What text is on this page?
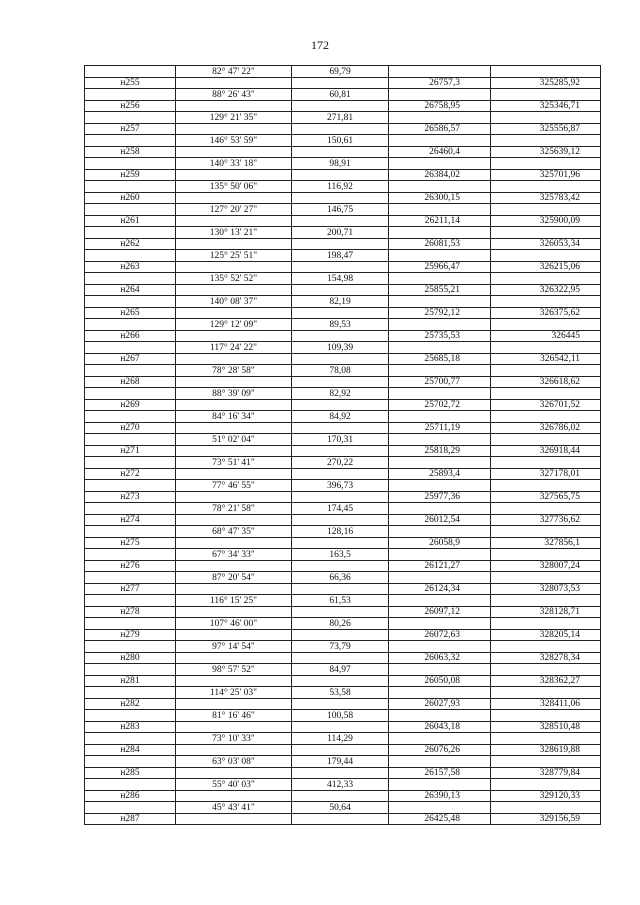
172
	82° 47' 22"	69,79		
н255			26757,3	325285,92
	88° 26' 43"	60,81		
н256			26758,95	325346,71
	129° 21' 35"	271,81		
н257			26586,57	325556,87
	146° 53' 59"	150,61		
н258			26460,4	325639,12
	140° 33' 18"	98,91		
н259			26384,02	325701,96
	135° 50' 06"	116,92		
н260			26300,15	325783,42
	127° 20' 27"	146,75		
н261			26211,14	325900,09
	130° 13' 21"	200,71		
н262			26081,53	326053,34
	125° 25' 51"	198,47		
н263			25966,47	326215,06
	135° 52' 52"	154,98		
н264			25855,21	326322,95
	140° 08' 37"	82,19		
н265			25792,12	326375,62
	129° 12' 09"	89,53		
н266			25735,53	326445
	117° 24' 22"	109,39		
н267			25685,18	326542,11
	78° 28' 58"	78,08		
н268			25700,77	326618,62
	88° 39' 09"	82,92		
н269			25702,72	326701,52
	84° 16' 34"	84,92		
н270			25711,19	326786,02
	51° 02' 04"	170,31		
н271			25818,29	326918,44
	73° 51' 41"	270,22		
н272			25893,4	327178,01
	77° 46' 55"	396,73		
н273			25977,36	327565,75
	78° 21' 58"	174,45		
н274			26012,54	327736,62
	68° 47' 35"	128,16		
н275			26058,9	327856,1
	67° 34' 33"	163,5		
н276			26121,27	328007,24
	87° 20' 54"	66,36		
н277			26124,34	328073,53
	116° 15' 25"	61,53		
н278			26097,12	328128,71
	107° 46' 00"	80,26		
н279			26072,63	328205,14
	97° 14' 54"	73,79		
н280			26063,32	328278,34
	98° 57' 52"	84,97		
н281			26050,08	328362,27
	114° 25' 03"	53,58		
н282			26027,93	328411,06
	81° 16' 46"	100,58		
н283			26043,18	328510,48
	73° 10' 33"	114,29		
н284			26076,26	328619,88
	63° 03' 08"	179,44		
н285			26157,58	328779,84
	55° 40' 03"	412,33		
н286			26390,13	329120,33
	45° 43' 41"	50,64		
н287			26425,48	329156,59
